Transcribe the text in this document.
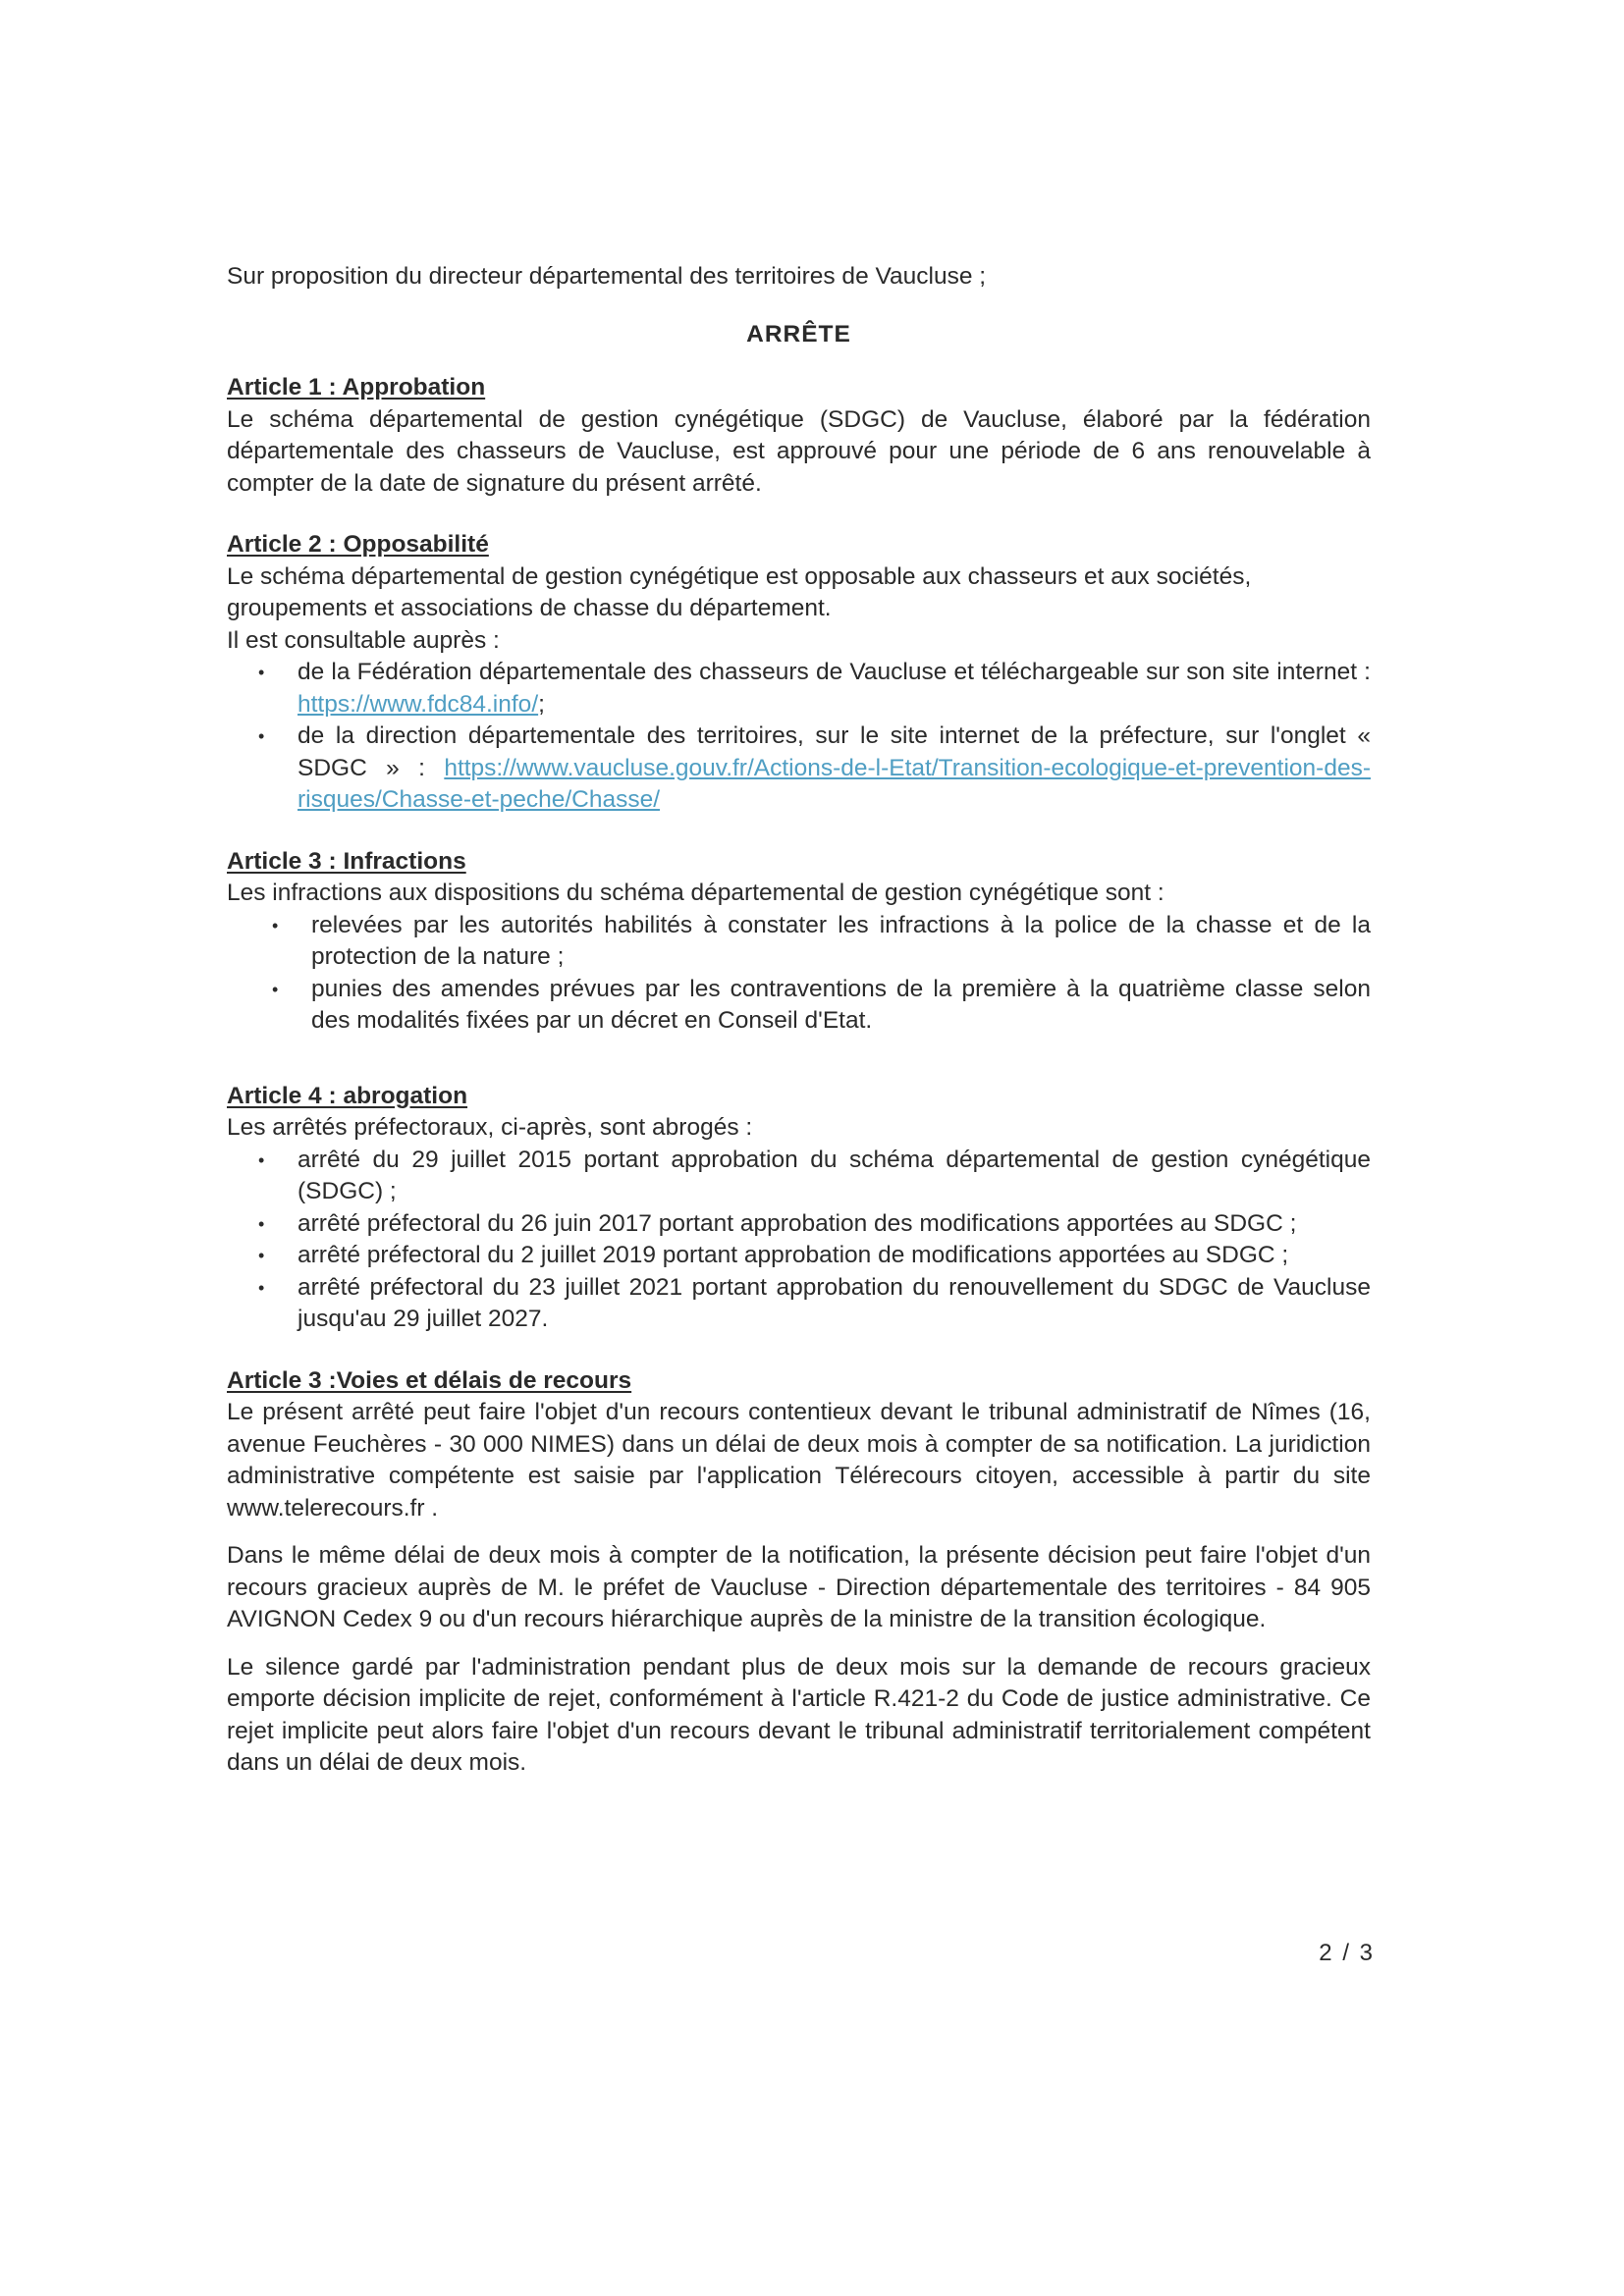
Sur proposition du directeur départemental des territoires de Vaucluse ;

ARRÊTE

Article 1 : Approbation

Le schéma départemental de gestion cynégétique (SDGC) de Vaucluse, élaboré par la fédération départementale des chasseurs de Vaucluse, est approuvé pour une période de 6 ans renouvelable à compter de la date de signature du présent arrêté.

Article 2 : Opposabilité

Le schéma départemental de gestion cynégétique est opposable aux chasseurs et aux sociétés, groupements et associations de chasse du département.

Il est consultable auprès :

• de la Fédération départementale des chasseurs de Vaucluse et téléchargeable sur son site internet : https://www.fdc84.info/;
• de la direction départementale des territoires, sur le site internet de la préfecture, sur l'onglet « SDGC » : https://www.vaucluse.gouv.fr/Actions-de-l-Etat/Transition-ecologique-et-prevention-des-risques/Chasse-et-peche/Chasse/

Article 3 : Infractions

Les infractions aux dispositions du schéma départemental de gestion cynégétique sont :

• relevées par les autorités habilités à constater les infractions à la police de la chasse et de la protection de la nature ;
• punies des amendes prévues par les contraventions de la première à la quatrième classe selon des modalités fixées par un décret en Conseil d'Etat.

Article 4 : abrogation

Les arrêtés préfectoraux, ci-après, sont abrogés :

• arrêté du 29 juillet 2015 portant approbation du schéma départemental de gestion cynégétique (SDGC) ;
• arrêté préfectoral du 26 juin 2017 portant approbation des modifications apportées au SDGC ;
• arrêté préfectoral du 2 juillet 2019 portant approbation de modifications apportées au SDGC ;
• arrêté préfectoral du 23 juillet 2021 portant approbation du renouvellement du SDGC de Vaucluse jusqu'au 29 juillet 2027.

Article 3 :Voies et délais de recours

Le présent arrêté peut faire l'objet d'un recours contentieux devant le tribunal administratif de Nîmes (16, avenue Feuchères - 30 000 NIMES) dans un délai de deux mois à compter de sa notification. La juridiction administrative compétente est saisie par l'application Télérecours citoyen, accessible à partir du site www.telerecours.fr .

Dans le même délai de deux mois à compter de la notification, la présente décision peut faire l'objet d'un recours gracieux auprès de M. le préfet de Vaucluse - Direction départementale des territoires - 84 905 AVIGNON Cedex 9 ou d'un recours hiérarchique auprès de la ministre de la transition écologique.

Le silence gardé par l'administration pendant plus de deux mois sur la demande de recours gracieux emporte décision implicite de rejet, conformément à l'article R.421-2 du Code de justice administrative. Ce rejet implicite peut alors faire l'objet d'un recours devant le tribunal administratif territorialement compétent dans un délai de deux mois.

2 / 3
